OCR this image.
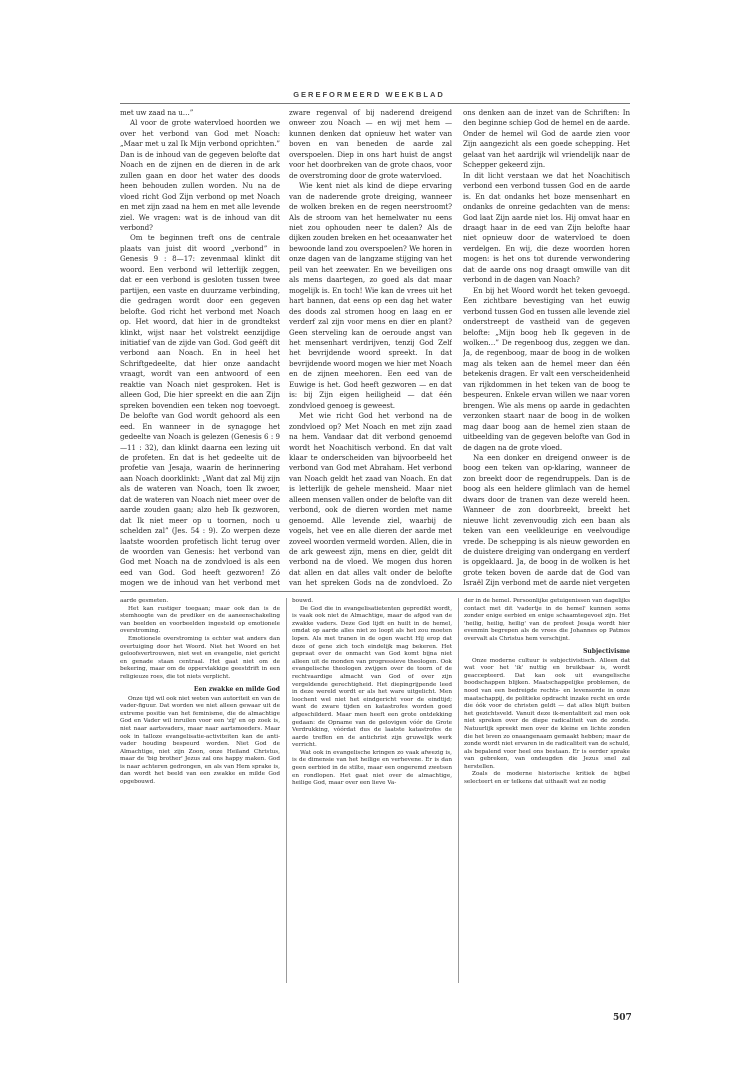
GEREFORMEERD WEEKBLAD

met uw zaad na u…”

Al voor de grote watervloed hoorden we over het verbond van God met Noach: „Maar met u zal Ik Mijn verbond oprichten.” Dan is de inhoud van de gegeven belofte dat Noach en de zijnen en de dieren in de ark zullen gaan en door het water des doods heen behouden zullen worden. Nu na de vloed richt God Zijn verbond op met Noach en met zijn zaad na hem en met alle levende ziel. We vragen: wat is de inhoud van dit verbond?

Om te beginnen treft ons de centrale plaats van juist dit woord „verbond” in Genesis 9 : 8—17: zevenmaal klinkt dit woord. Een verbond wil letterlijk zeggen, dat er een verbond is gesloten tussen twee partijen, een vaste en duurzame verbinding, die gedragen wordt door een gegeven belofte. God richt het verbond met Noach op. Het woord, dat hier in de grondtekst klinkt, wijst naar het volstrekt eenzijdige initiatief van de zijde van God. God geéft dit verbond aan Noach. En in heel het Schriftgedeelte, dat hier onze aandacht vraagt, wordt van een antwoord of een reaktie van Noach niet gesproken. Het is alleen God, Die hier spreekt en die aan Zijn spreken bovendien een teken nog toevoegt. De belofte van God wordt gehoord als een eed. En wanneer in de synagoge het gedeelte van Noach is gelezen (Genesis 6 : 9—11 : 32), dan klinkt daarna een lezing uit de profeten. En dat is het gedeelte uit de profetie van Jesaja, waarin de herinnering aan Noach doorklinkt: „Want dat zal Mij zijn als de wateren van Noach, toen Ik zwoer, dat de wateren van Noach niet meer over de aarde zouden gaan; alzo heb Ik gezworen, dat Ik niet meer op u toornen, noch u schelden zal” (Jes. 54 : 9). Zo werpen deze laatste woorden profetisch licht terug over de woorden van Genesis: het verbond van God met Noach na de zondvloed is als een eed van God. God heeft gezworen! Zó mogen we de inhoud van het verbond met

zware regenval of bij naderend dreigend onweer zou Noach — en wij met hem — kunnen denken dat opnieuw het water van boven en van beneden de aarde zal overspoelen. Diep in ons hart huist de angst voor het doorbreken van de grote chaos, voor de overstroming door de grote watervloed.

Wie kent niet als kind de diepe ervaring van de naderende grote dreiging, wanneer de wolken breken en de regen neerstroomt? Als de stroom van het hemelwater nu eens niet zou ophouden neer te dalen? Als de dijken zouden breken en het oceaanwater het bewoonde land zou overspoelen? We horen in onze dagen van de langzame stijging van het peil van het zeewater. En we beveiligen ons als mens daartegen, zo goed als dat maar mogelijk is. En toch! Wie kan de vrees uit het hart bannen, dat eens op een dag het water des doods zal stromen hoog en laag en er verderf zal zijn voor mens en dier en plant? Geen sterveling kan de oeroude angst van het mensenhart verdrijven, tenzij God Zelf het bevrijdende woord spreekt. In dat bevrijdende woord mogen we hier met Noach en de zijnen meehoren. Een eed van de Euwige is het. God heeft gezworen — en dat is: bij Zijn eigen heiligheid — dat één zondvloed genoeg is geweest.

Met wie richt God het verbond na de zondvloed op? Met Noach en met zijn zaad na hem. Vandaar dat dit verbond genoemd wordt het Noachitisch verbond. En dat valt klaar te onderscheiden van bijvoorbeeld het verbond van God met Abraham. Het verbond van Noach geldt het zaad van Noach. En dat is letterlijk de gehele mensheid. Maar niet alleen mensen vallen onder de belofte van dit verbond, ook de dieren worden met name genoemd. Alle levende ziel, waarbij de vogels, het vee en alle dieren der aarde met zoveel woorden vermeld worden. Allen, die in de ark geweest zijn, mens en dier, geldt dit verbond na de vloed. We mogen dus horen dat allen en dat alles valt onder de belofte van het spreken Gods na de zondvloed. Zo

ons denken aan de inzet van de Schriften: In den beginne schiep God de hemel en de aarde. Onder de hemel wil God de aarde zien voor Zijn aangezicht als een goede schepping. Het gelaat van het aardrijk wil vriendelijk naar de Schepper gekeerd zijn.

In dit licht verstaan we dat het Noachitisch verbond een verbond tussen God en de aarde is. En dat ondanks het boze mensenhart en ondanks de onreine gedachten van de mens: God laat Zijn aarde niet los. Hij omvat haar en draagt haar in de eed van Zijn belofte haar niet opnieuw door de watervloed te doen verdelgen. En wij, die deze woorden horen mogen: is het ons tot durende verwondering dat de aarde ons nog draagt omwille van dit verbond in de dagen van Noach?

En bij het Woord wordt het teken gevoegd. Een zichtbare bevestiging van het euwig verbond tussen God en tussen alle levende ziel onderstreept de vastheid van de gegeven belofte: „Mijn boog heb Ik gegeven in de wolken…” De regenboog dus, zeggen we dan. Ja, de regenboog, maar de boog in de wolken mag als teken aan de hemel meer dan één betekenis dragen. Er valt een verscheidenheid van rijkdommen in het teken van de boog te bespeuren. Enkele ervan willen we naar voren brengen. Wie als mens op aarde in gedachten verzonken staart naar de boog in de wolken mag daar boog aan de hemel zien staan de uitbeelding van de gegeven belofte van God in de dagen na de grote vloed.

Na een donker en dreigend onweer is de boog een teken van op-klaring, wanneer de zon breekt door de regendruppels. Dan is de boog als een heldere glimlach van de hemel dwars door de tranen van deze wereld heen. Wanneer de zon doorbreekt, breekt het nieuwe licht zevenvoudig zich een baan als teken van een veelkleurige en veelvoudige vrede. De schepping is als nieuw geworden en de duistere dreiging van ondergang en verderf is opgeklaard. Ja, de boog in de wolken is het grote teken boven de aarde dat de God van Israël Zijn verbond met de aarde niet vergeten

aarde gesmeten.

Het kan rustiger toegaan; maar ook dan is de stemhoogte van de prediker en de aaneenschakeling van beelden en voorbeelden ingesteld op emotionele overstroming.

Emotionele overstroming is echter wat anders dan overtuiging door het Woord. Niet het Woord en het geloofsvertrouwen, niet wet en evangelie, niet gericht en genade staan centraal. Het gaat niet om de bekering, maar om de oppervlakkige geestdrift in een religieuze roes, die tot niets verplicht.

Een zwakke en milde God

Onze tijd wil ook niet weten van autoriteit en van de vader-figuur. Dat worden we niet alleen gewaar uit de extreme positie van het feminisme, die de almachtige God en Vader wil inruilen voor een 'zij' en op zoek is, niet naar aartsvaders, maar naar aartsmoeders. Maar ook in talloze evangelisatie-activiteiten kan de anti-vader houding bespeurd worden. Niet God de Almachtige, niet zijn Zoon, onze Heiland Christus, maar de 'big brother' Jezus zal ons happy maken. God is naar achteren gedrongen, en als van Hem sprake is, dan wordt het beeld van een zwakke en milde God opgebouwd.

bouwd.

De God die in evangelisatietenten gepredikt wordt, is vaak ook niet de Almachtige, maar de afgod van de zwakke vaders. Deze God lijdt en huilt in de hemel, omdat op aarde alles niet zo loopt als het zou moeten lopen. Als met tranen in de ogen wacht Hij erop dat deze of gene zich toch eindelijk mag bekeren. Het gepraat over de onmacht van God komt bijna niet alleen uit de monden van progressieve theologen. Ook evangelische theologen zwijgen over de toorn of de rechtvaardige almacht van God of over zijn vergeldende gerechtigheid. Het diepingrijpende leed in deze wereld wordt er als het ware uitgelicht. Men loochent wel niet het eindgericht voor de eindtijd; want de zware tijden en katastrofes worden goed afgeschilderd. Maar men heeft een grote ontdekking gedaan: de Opname van de gelovigen vóór de Grote Verdrukking, vóórdat dus de laatste katastrofes de aarde treffen en de antichrist zijn gruwelijk werk verricht.

Wat ook in evangelische kringen zo vaak afwezig is, is de dimensie van het heilige en verhevene. Er is dan geen eerbied in de stilte, maar een ongeremd zwetsen en rondlopen. Het gaat niet over de almachtige, heilige God, maar over een lieve Va-

der in de hemel. Persoonlijke getuigenissen van dagelijks contact met dit 'vadertje in de hemel' kunnen soms zonder enige eerbied en enige schaamtegevoel zijn. Het 'heilig, heilig, heilig' van de profeet Jesaja wordt hier evenmin begrepen als de vrees die Johannes op Patmos overvalt als Christus hem verschijnt.

Subjectivisme

Onze moderne cultuur is subjectivistisch. Alleen dat wat voor het 'ik' nuttig en bruikbaar is, wordt geaccepteerd. Dat kan ook uit evangelische boodschappen blijken. Maatschappelijke problemen, de nood van een bedreigde rechts- en levensorde in onze maatschappij, de politieke opdracht inzake recht en orde die óók voor de christen geldt — dat alles blijft buiten het gezichtsveld. Vanuit deze ik-mentaliteit zal men ook niet spreken over de diepe radicaliteit van de zonde. Natuurlijk spreekt men over de kleine en lichte zonden die het leven zo onaangenaam gemaakt hebben; maar de zonde wordt niet ervaren in de radicaliteit van de schuld, als bepalend voor heel ons bestaan. Er is eerder sprake van gebreken, van ondeugden die Jezus snel zal herstellen.

Zoals de moderne historische kritiek de bijbel selecteert en er telkens dat uithaalt wat ze nodig

507
